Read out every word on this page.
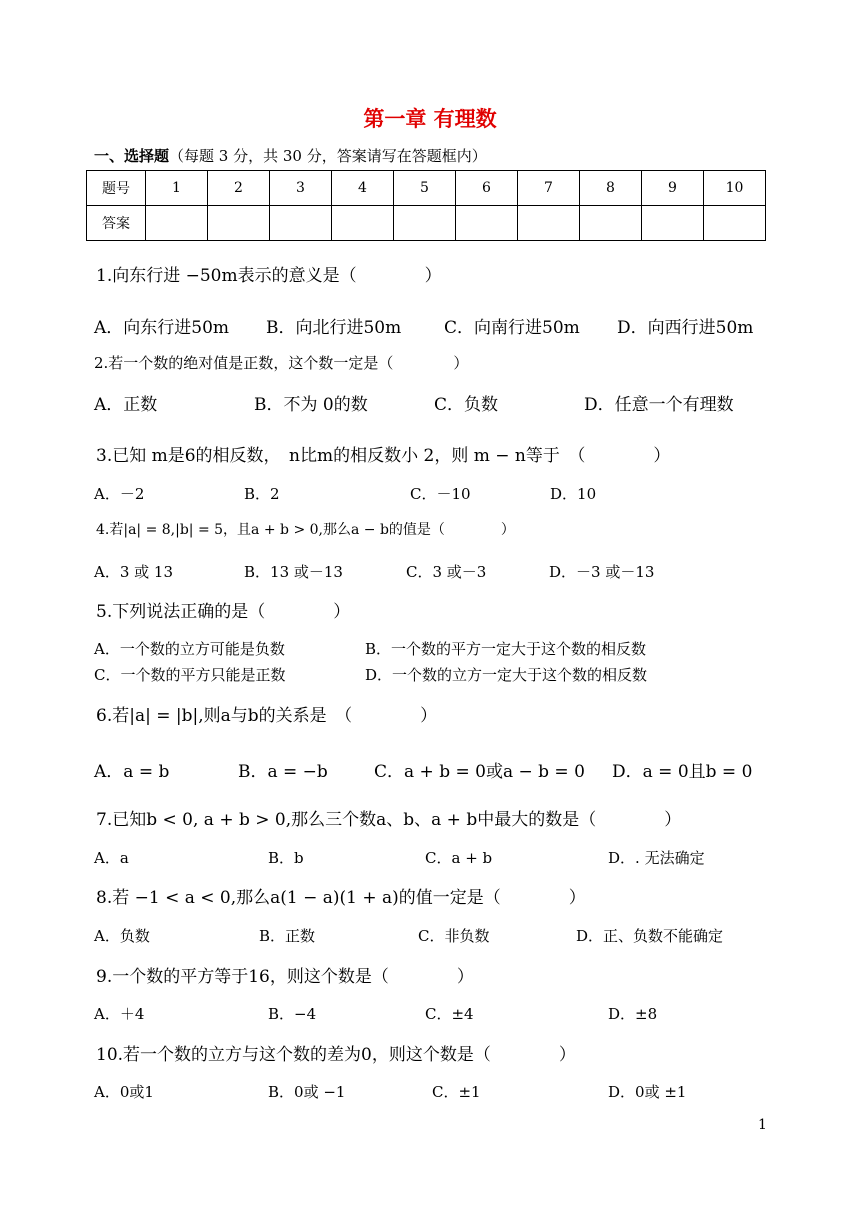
第一章 有理数
一、选择题（每题 3 分，共 30 分，答案请写在答题框内）
题号	1	2	3	4	5	6	7	8	9	10
答案										
1.向东行进 −50m表示的意义是（　　　　）
A．向东行进50m B．向北行进50m	C．向南行进50m D．向西行进50m
2.若一个数的绝对值是正数，这个数一定是（　　　　）
A．正数	B．不为 0的数	C．负数	D．任意一个有理数
3.已知 m是6的相反数，　n比m的相反数小 2，则 m − n等于　（　　　　）
A．－2	B．2	C．－10	D．10
4.若|a| = 8,|b| = 5，且a + b > 0,那么a − b的值是（　　　　）
A．3 或 13	B．13 或－13	C．3 或－3	D．－3 或－13
5.下列说法正确的是（　　　　）
A．一个数的立方可能是负数	B．一个数的平方一定大于这个数的相反数
C．一个数的平方只能是正数	D．一个数的立方一定大于这个数的相反数
6.若|a| = |b|,则a与b的关系是　（　　　　）
A．a = b	B．a = −b	C．a + b = 0或a − b = 0 D．a = 0且b = 0
7.已知b < 0, a + b > 0,那么三个数a、b、a + b中最大的数是（　　　　）
A．a	B．b	C．a + b	D．. 无法确定
8.若 −1 < a < 0,那么a(1 − a)(1 + a)的值一定是（　　　　）
A．负数	B．正数	C．非负数	D．正、负数不能确定
9.一个数的平方等于16，则这个数是（　　　　）
A．＋4	B．−4	C．±4	D．±8
10.若一个数的立方与这个数的差为0，则这个数是（　　　　）
A．0或1	B．0或 −1	C．±1	D．0或 ±1
1
